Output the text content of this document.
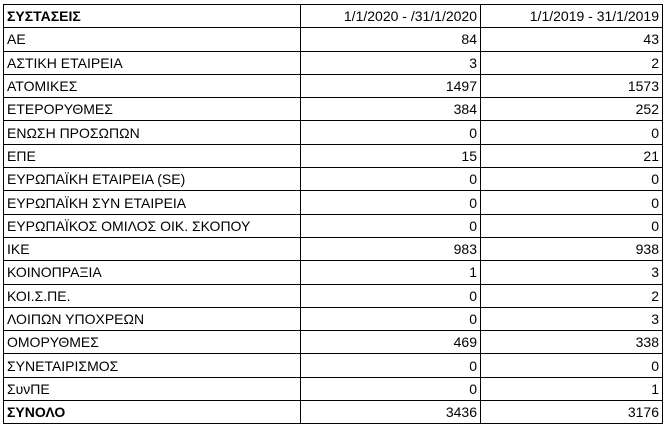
ΣΥΣΤΑΣΕΙΣ	1/1/2020 - /31/1/2020	1/1/2019 - 31/1/2019
ΑΕ	84	43
ΑΣΤΙΚΗ ΕΤΑΙΡΕΙΑ	3	2
ΑΤΟΜΙΚΕΣ	1497	1573
ΕΤΕΡΟΡΥΘΜΕΣ	384	252
ΕΝΩΣΗ ΠΡΟΣΩΠΩΝ	0	0
ΕΠΕ	15	21
ΕΥΡΩΠΑΪΚΗ ΕΤΑΙΡΕΙΑ (SE)	0	0
ΕΥΡΩΠΑΪΚΗ ΣΥΝ ΕΤΑΙΡΕΙΑ	0	0
ΕΥΡΩΠΑΪΚΟΣ ΟΜΙΛΟΣ ΟΙΚ. ΣΚΟΠΟΥ	0	0
ΙΚΕ	983	938
ΚΟΙΝΟΠΡΑΞΙΑ	1	3
ΚΟΙ.Σ.ΠΕ.	0	2
ΛΟΙΠΩΝ ΥΠΟΧΡΕΩΝ	0	3
ΟΜΟΡΥΘΜΕΣ	469	338
ΣΥΝΕΤΑΙΡΙΣΜΟΣ	0	0
ΣυνΠΕ	0	1
ΣΥΝΟΛΟ	3436	3176
